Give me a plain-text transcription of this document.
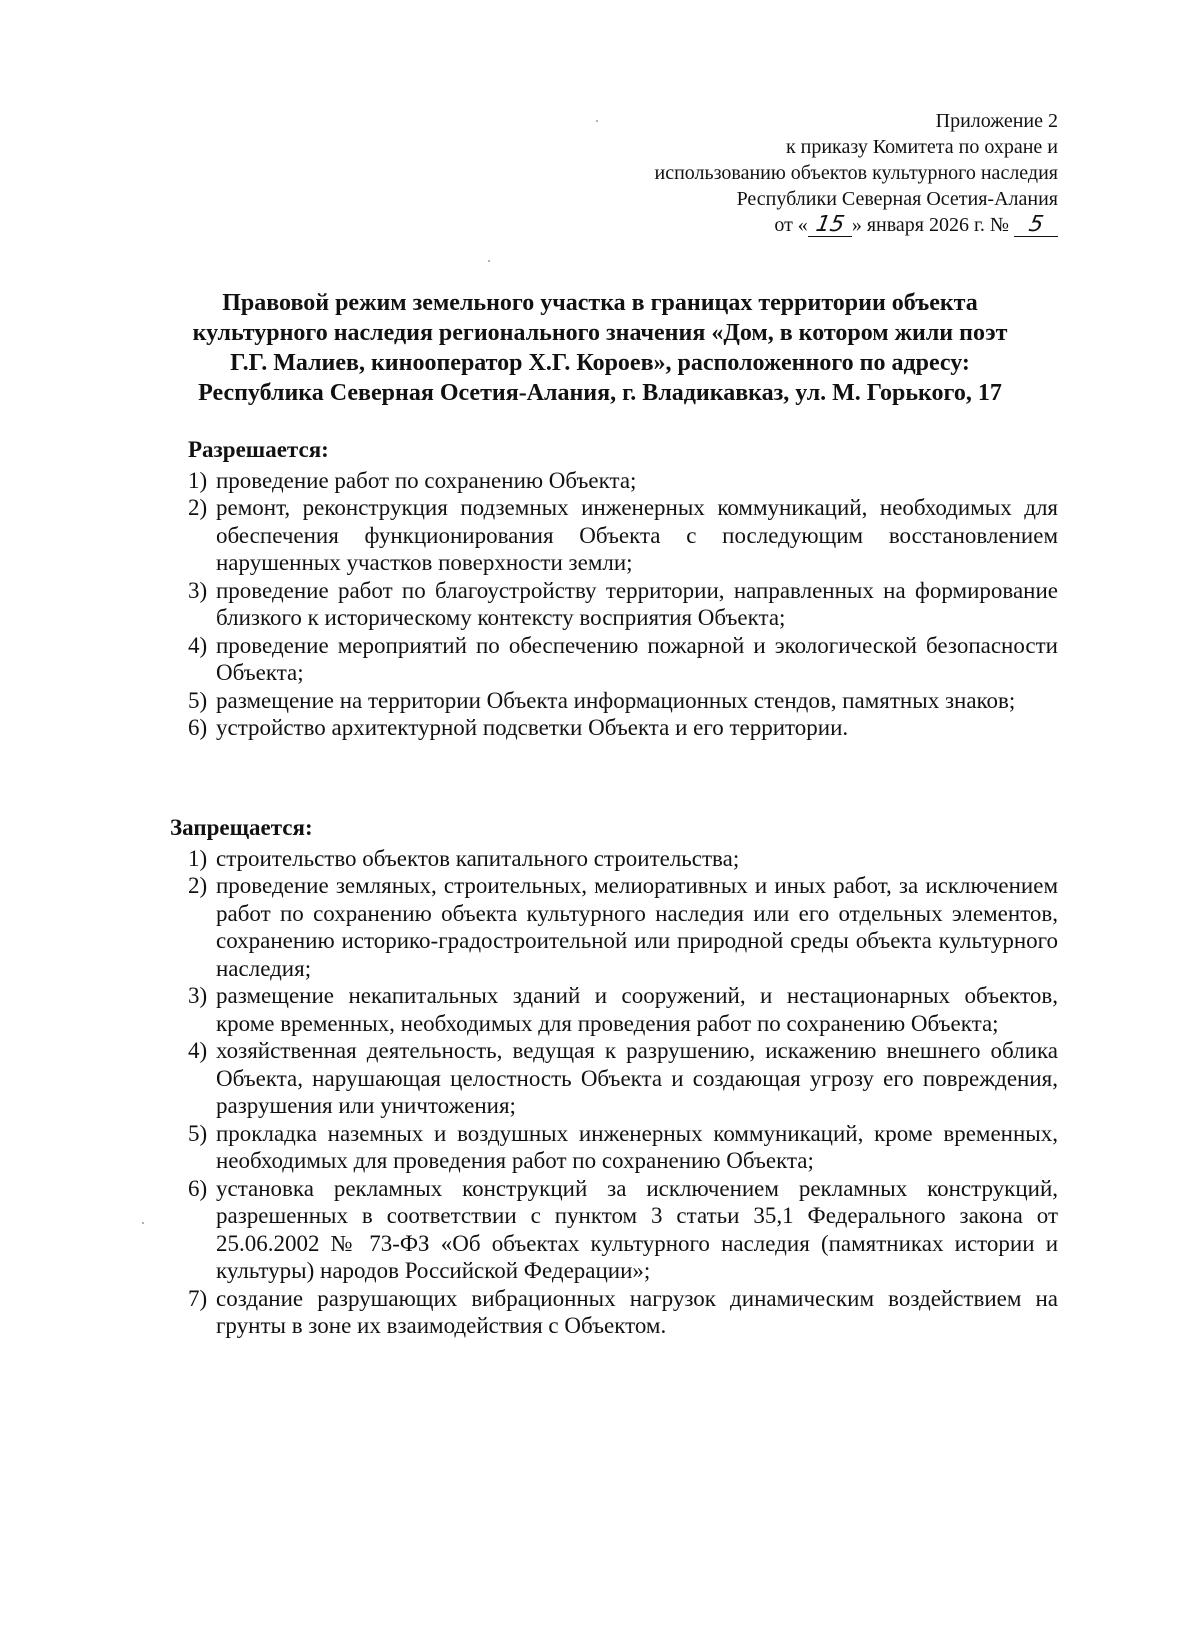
Приложение 2
к приказу Комитета по охране и
использованию объектов культурного наследия
Республики Северная Осетия-Алания
от « 15 » января 2026 г. № 5
Правовой режим земельного участка в границах территории объекта
культурного наследия регионального значения «Дом, в котором жили поэт
Г.Г. Малиев, кинооператор Х.Г. Короев», расположенного по адресу:
Республика Северная Осетия-Алания, г. Владикавказ, ул. М. Горького, 17
Разрешается:
1) проведение работ по сохранению Объекта;
2) ремонт, реконструкция подземных инженерных коммуникаций, необходимых для обеспечения функционирования Объекта с последующим восстановлением нарушенных участков поверхности земли;
3) проведение работ по благоустройству территории, направленных на формирование близкого к историческому контексту восприятия Объекта;
4) проведение мероприятий по обеспечению пожарной и экологической безопасности Объекта;
5) размещение на территории Объекта информационных стендов, памятных знаков;
6) устройство архитектурной подсветки Объекта и его территории.
Запрещается:
1) строительство объектов капитального строительства;
2) проведение земляных, строительных, мелиоративных и иных работ, за исключением работ по сохранению объекта культурного наследия или его отдельных элементов, сохранению историко-градостроительной или природной среды объекта культурного наследия;
3) размещение некапитальных зданий и сооружений, и нестационарных объектов, кроме временных, необходимых для проведения работ по сохранению Объекта;
4) хозяйственная деятельность, ведущая к разрушению, искажению внешнего облика Объекта, нарушающая целостность Объекта и создающая угрозу его повреждения, разрушения или уничтожения;
5) прокладка наземных и воздушных инженерных коммуникаций, кроме временных, необходимых для проведения работ по сохранению Объекта;
6) установка рекламных конструкций за исключением рекламных конструкций, разрешенных в соответствии с пунктом 3 статьи 35,1 Федерального закона от 25.06.2002 № 73-ФЗ «Об объектах культурного наследия (памятниках истории и культуры) народов Российской Федерации»;
7) создание разрушающих вибрационных нагрузок динамическим воздействием на грунты в зоне их взаимодействия с Объектом.
